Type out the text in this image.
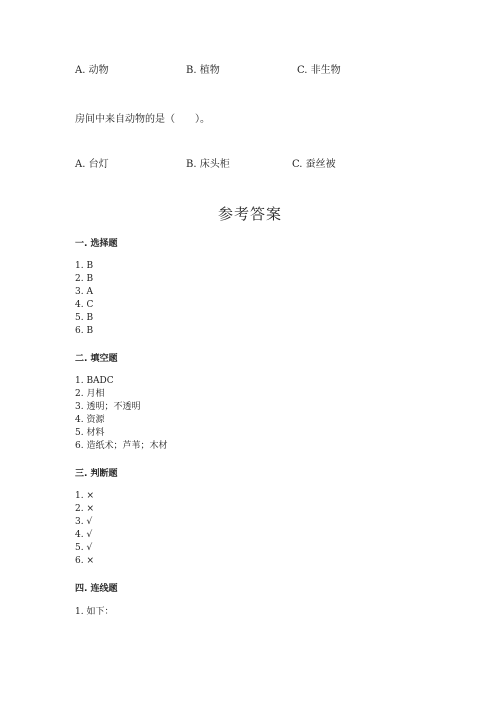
A. 动物	B. 植物	C. 非生物
房间中来自动物的是（　　）。
A. 台灯	B. 床头柜	C. 蚕丝被
参考答案
一. 选择题
1. B
2. B
3. A
4. C
5. B
6. B
二. 填空题
1. BADC
2. 月相
3. 透明；不透明
4. 资源
5. 材料
6. 造纸术；芦苇；木材
三. 判断题
1. ×
2. ×
3. √
4. √
5. √
6. ×
四. 连线题
1. 如下：
